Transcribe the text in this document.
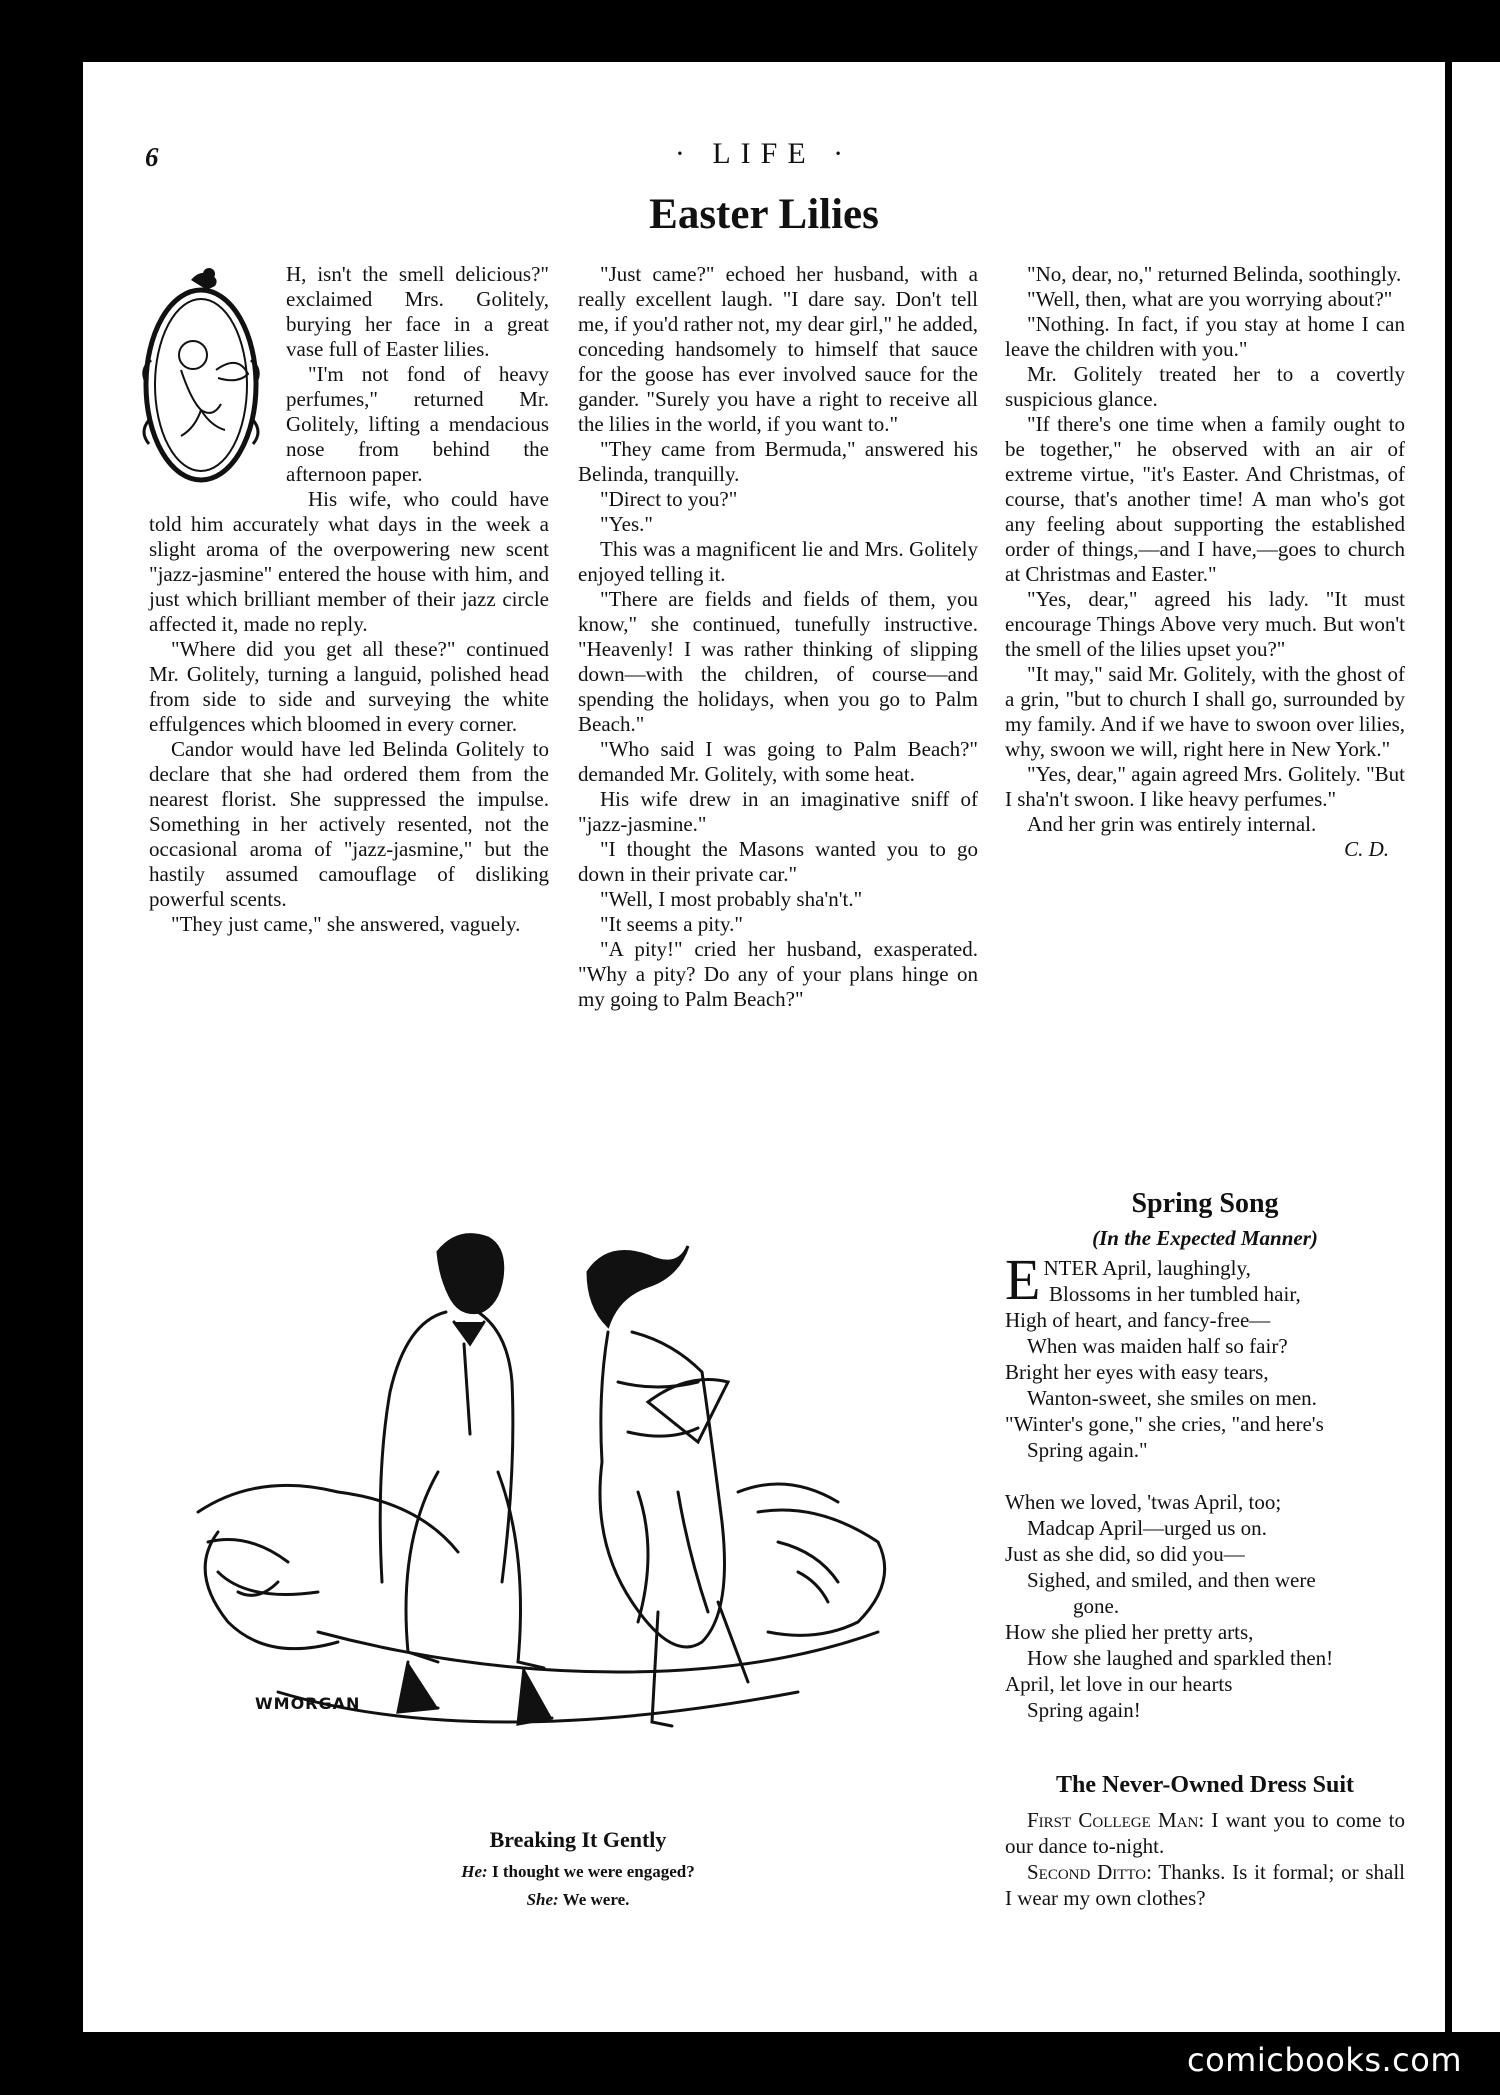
6	· LIFE ·
Easter Lilies

H, isn't the smell delicious?" exclaimed Mrs. Golitely, burying her face in a great vase full of Easter lilies.

"I'm not fond of heavy perfumes," returned Mr. Golitely, lifting a mendacious nose from behind the afternoon paper.

His wife, who could have told him accurately what days in the week a slight aroma of the overpowering new scent "jazz-jasmine" entered the house with him, and just which brilliant member of their jazz circle affected it, made no reply.

"Where did you get all these?" continued Mr. Golitely, turning a languid, polished head from side to side and surveying the white effulgences which bloomed in every corner.

Candor would have led Belinda Golitely to declare that she had ordered them from the nearest florist. She suppressed the impulse. Something in her actively resented, not the occasional aroma of "jazz-jasmine," but the hastily assumed camouflage of disliking powerful scents.

"They just came," she answered, vaguely.

"Just came?" echoed her husband, with a really excellent laugh. "I dare say. Don't tell me, if you'd rather not, my dear girl," he added, conceding handsomely to himself that sauce for the goose has ever involved sauce for the gander. "Surely you have a right to receive all the lilies in the world, if you want to."

"They came from Bermuda," answered his Belinda, tranquilly.

"Direct to you?"

"Yes."

This was a magnificent lie and Mrs. Golitely enjoyed telling it.

"There are fields and fields of them, you know," she continued, tunefully instructive. "Heavenly! I was rather thinking of slipping down—with the children, of course—and spending the holidays, when you go to Palm Beach."

"Who said I was going to Palm Beach?" demanded Mr. Golitely, with some heat.

His wife drew in an imaginative sniff of "jazz-jasmine."

"I thought the Masons wanted you to go down in their private car."

"Well, I most probably sha'n't."

"It seems a pity."

"A pity!" cried her husband, exasperated. "Why a pity? Do any of your plans hinge on my going to Palm Beach?"

"No, dear, no," returned Belinda, soothingly.

"Well, then, what are you worrying about?"

"Nothing. In fact, if you stay at home I can leave the children with you."

Mr. Golitely treated her to a covertly suspicious glance.

"If there's one time when a family ought to be together," he observed with an air of extreme virtue, "it's Easter. And Christmas, of course, that's another time! A man who's got any feeling about supporting the established order of things,—and I have,—goes to church at Christmas and Easter."

"Yes, dear," agreed his lady. "It must encourage Things Above very much. But won't the smell of the lilies upset you?"

"It may," said Mr. Golitely, with the ghost of a grin, "but to church I shall go, surrounded by my family. And if we have to swoon over lilies, why, swoon we will, right here in New York."

"Yes, dear," again agreed Mrs. Golitely. "But I sha'n't swoon. I like heavy perfumes."

And her grin was entirely internal.

C. D.

WMORGAN
Breaking It Gently
He: I thought we were engaged?
She: We were.
Spring Song
(In the Expected Manner)
ENTER April, laughingly,
Blossoms in her tumbled hair,
High of heart, and fancy-free—
When was maiden half so fair?
Bright her eyes with easy tears,
Wanton-sweet, she smiles on men.
"Winter's gone," she cries, "and here's
Spring again."
When we loved, 'twas April, too;
Madcap April—urged us on.
Just as she did, so did you—
Sighed, and smiled, and then were
gone.
How she plied her pretty arts,
How she laughed and sparkled then!
April, let love in our hearts
Spring again!
The Never-Owned Dress Suit

First College Man: I want you to come to our dance to-night.

Second Ditto: Thanks. Is it formal; or shall I wear my own clothes?

comicbooks.com
